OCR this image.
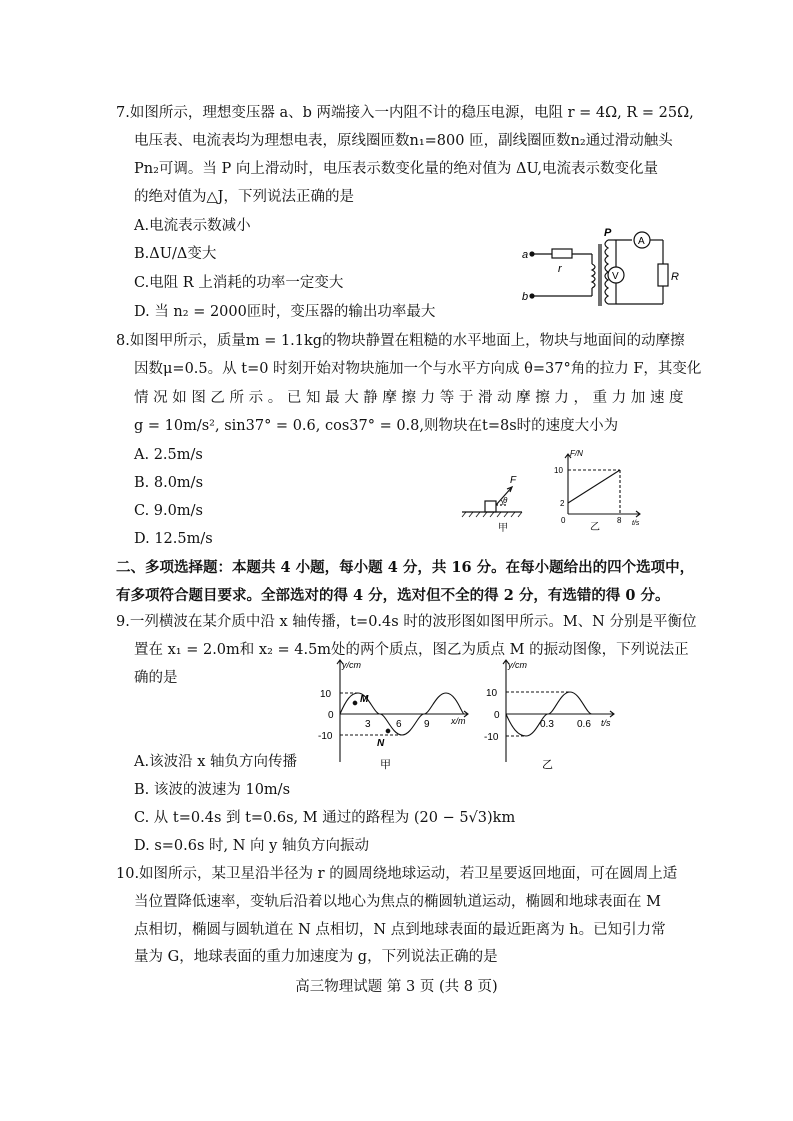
7.如图所示，理想变压器 a、b 两端接入一内阻不计的稳压电源，电阻 r = 4Ω, R = 25Ω,
电压表、电流表均为理想电表，原线圈匝数n₁=800 匝，副线圈匝数n₂通过滑动触头
Pn₂可调。当 P 向上滑动时，电压表示数变化量的绝对值为 ΔU,电流表示数变化量
的绝对值为△J，下列说法正确的是
A.电流表示数减小
B.ΔU/Δ变大
C.电阻 R 上消耗的功率一定变大
D. 当 n₂ = 2000匝时，变压器的输出功率最大
a
b
r
P
A
V	R
8.如图甲所示，质量m = 1.1kg的物块静置在粗糙的水平地面上，物块与地面间的动摩擦
因数μ=0.5。从 t=0 时刻开始对物块施加一个与水平方向成 θ=37°角的拉力 F，其变化
情 况 如 图 乙 所 示 。 已 知 最 大 静 摩 擦 力 等 于 滑 动 摩 擦 力 ， 重 力 加 速 度
g = 10m/s², sin37° = 0.6, cos37° = 0.8,则物块在t=8s时的速度大小为
A. 2.5m/s
B. 8.0m/s
C. 9.0m/s
D. 12.5m/s
F
θ
甲
F/N
10
2
0	8 t/s
乙
二、多项选择题：本题共 4 小题，每小题 4 分，共 16 分。在每小题给出的四个选项中，
有多项符合题目要求。全部选对的得 4 分，选对但不全的得 2 分，有选错的得 0 分。
9.一列横波在某介质中沿 x 轴传播，t=0.4s 时的波形图如图甲所示。M、N 分别是平衡位
置在 x₁ = 2.0m和 x₂ = 4.5m处的两个质点，图乙为质点 M 的振动图像，下列说法正
确的是
y/cm
10
0
-10
M
N
3	6 9 x/m
甲
y/cm
10
0
-10
0.3 0.6 t/s
乙
A.该波沿 x 轴负方向传播
B. 该波的波速为 10m/s
C. 从 t=0.4s 到 t=0.6s, M 通过的路程为 (20 − 5√3)km
D. s=0.6s 时, N 向 y 轴负方向振动
10.如图所示，某卫星沿半径为 r 的圆周绕地球运动，若卫星要返回地面，可在圆周上适
当位置降低速率，变轨后沿着以地心为焦点的椭圆轨道运动，椭圆和地球表面在 M
点相切，椭圆与圆轨道在 N 点相切，N 点到地球表面的最近距离为 h。已知引力常
量为 G，地球表面的重力加速度为 g，下列说法正确的是
高三物理试题 第 3 页 (共 8 页)
